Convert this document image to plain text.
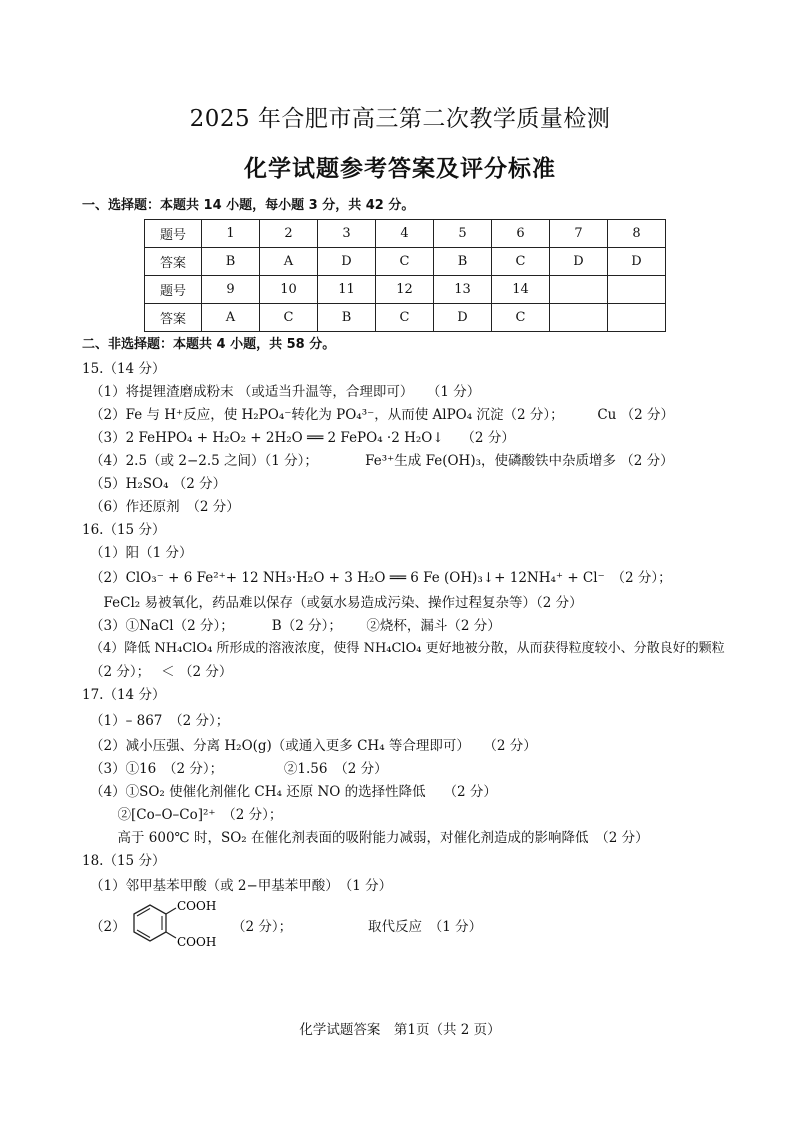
2025 年合肥市高三第二次教学质量检测
化学试题参考答案及评分标准
一、选择题：本题共 14 小题，每小题 3 分，共 42 分。
题号	1	2	3	4	5	6	7	8
答案	B	A	D	C	B	C	D	D
题号	9	10	11	12	13	14		
答案	A	C	B	C	D	C		
二、非选择题：本题共 4 小题，共 58 分。
15.（14 分）
（1）将提锂渣磨成粉末 （或适当升温等，合理即可）　　（1 分）
（2）Fe 与 H⁺反应，使 H₂PO₄⁻转化为 PO₄³⁻，从而使 AlPO₄ 沉淀（2 分）；　　　Cu （2 分）
（3）2 FeHPO₄ + H₂O₂ + 2H₂O ══ 2 FePO₄ ·2 H₂O↓　 （2 分）
（4）2.5（或 2−2.5 之间）（1 分）；　　　　Fe³⁺生成 Fe(OH)₃，使磷酸铁中杂质增多 （2 分）
（5）H₂SO₄ （2 分）
（6）作还原剂　（2 分）
16.（15 分）
（1）阳（1 分）
（2）ClO₃⁻ + 6 Fe²⁺+ 12 NH₃·H₂O + 3 H₂O ══ 6 Fe (OH)₃↓+ 12NH₄⁺ + Cl⁻　（2 分）；
　FeCl₂ 易被氧化，药品难以保存（或氨水易造成污染、操作过程复杂等）（2 分）
（3）①NaCl（2 分）；　　　 B（2 分）；　　 ②烧杯，漏斗（2 分）
（4）降低 NH₄ClO₄ 所形成的溶液浓度，使得 NH₄ClO₄ 更好地被分散，从而获得粒度较小、分散良好的颗粒
（2 分）；　 ＜ （2 分）
17.（14 分）
（1）– 867　（2 分）；
（2）减小压强、分离 H₂O(g)（或通入更多 CH₄ 等合理即可）　　（2 分）
（3）①16　（2 分）；　　　　　②1.56　（2 分）
（4）①SO₂ 使催化剂催化 CH₄ 还原 NO 的选择性降低　 （2 分）
　②[Co–O–Co]²⁺　（2 分）；
　高于 600℃ 时，SO₂ 在催化剂表面的吸附能力减弱，对催化剂造成的影响降低　（2 分）
18.（15 分）
（1）邻甲基苯甲酸（或 2−甲基苯甲酸）　（1 分）
（2）
COOH
COOH
（2 分）；	取代反应　（1 分）
化学试题答案　第1页（共 2 页）
